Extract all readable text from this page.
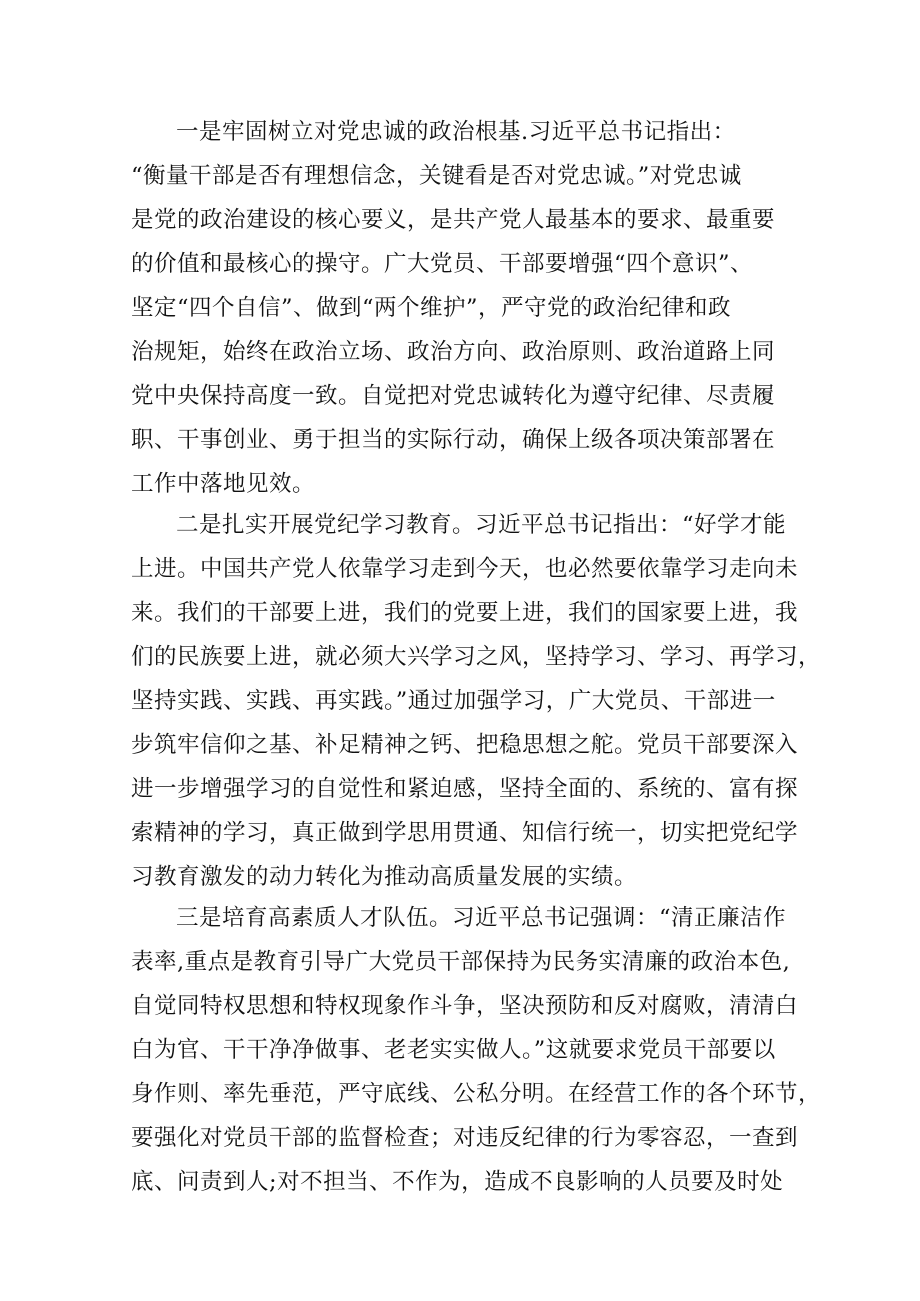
一是牢固树立对党忠诚的政治根基.习近平总书记指出：
“衡量干部是否有理想信念，关键看是否对党忠诚。”对党忠诚
是党的政治建设的核心要义，是共产党人最基本的要求、最重要
的价值和最核心的操守。广大党员、干部要增强“四个意识”、
坚定“四个自信”、做到“两个维护”，严守党的政治纪律和政
治规矩，始终在政治立场、政治方向、政治原则、政治道路上同
党中央保持高度一致。自觉把对党忠诚转化为遵守纪律、尽责履
职、干事创业、勇于担当的实际行动，确保上级各项决策部署在
工作中落地见效。
二是扎实开展党纪学习教育。习近平总书记指出：“好学才能
上进。中国共产党人依靠学习走到今天，也必然要依靠学习走向未
来。我们的干部要上进，我们的党要上进，我们的国家要上进，我
们的民族要上进，就必须大兴学习之风，坚持学习、学习、再学习，
坚持实践、实践、再实践。”通过加强学习，广大党员、干部进一
步筑牢信仰之基、补足精神之钙、把稳思想之舵。党员干部要深入
进一步增强学习的自觉性和紧迫感，坚持全面的、系统的、富有探
索精神的学习，真正做到学思用贯通、知信行统一，切实把党纪学
习教育激发的动力转化为推动高质量发展的实绩。
三是培育高素质人才队伍。习近平总书记强调：“清正廉洁作
表率,重点是教育引导广大党员干部保持为民务实清廉的政治本色,
自觉同特权思想和特权现象作斗争，坚决预防和反对腐败，清清白
白为官、干干净净做事、老老实实做人。”这就要求党员干部要以
身作则、率先垂范，严守底线、公私分明。在经营工作的各个环节，
要强化对党员干部的监督检查；对违反纪律的行为零容忍，一查到
底、问责到人;对不担当、不作为，造成不良影响的人员要及时处
